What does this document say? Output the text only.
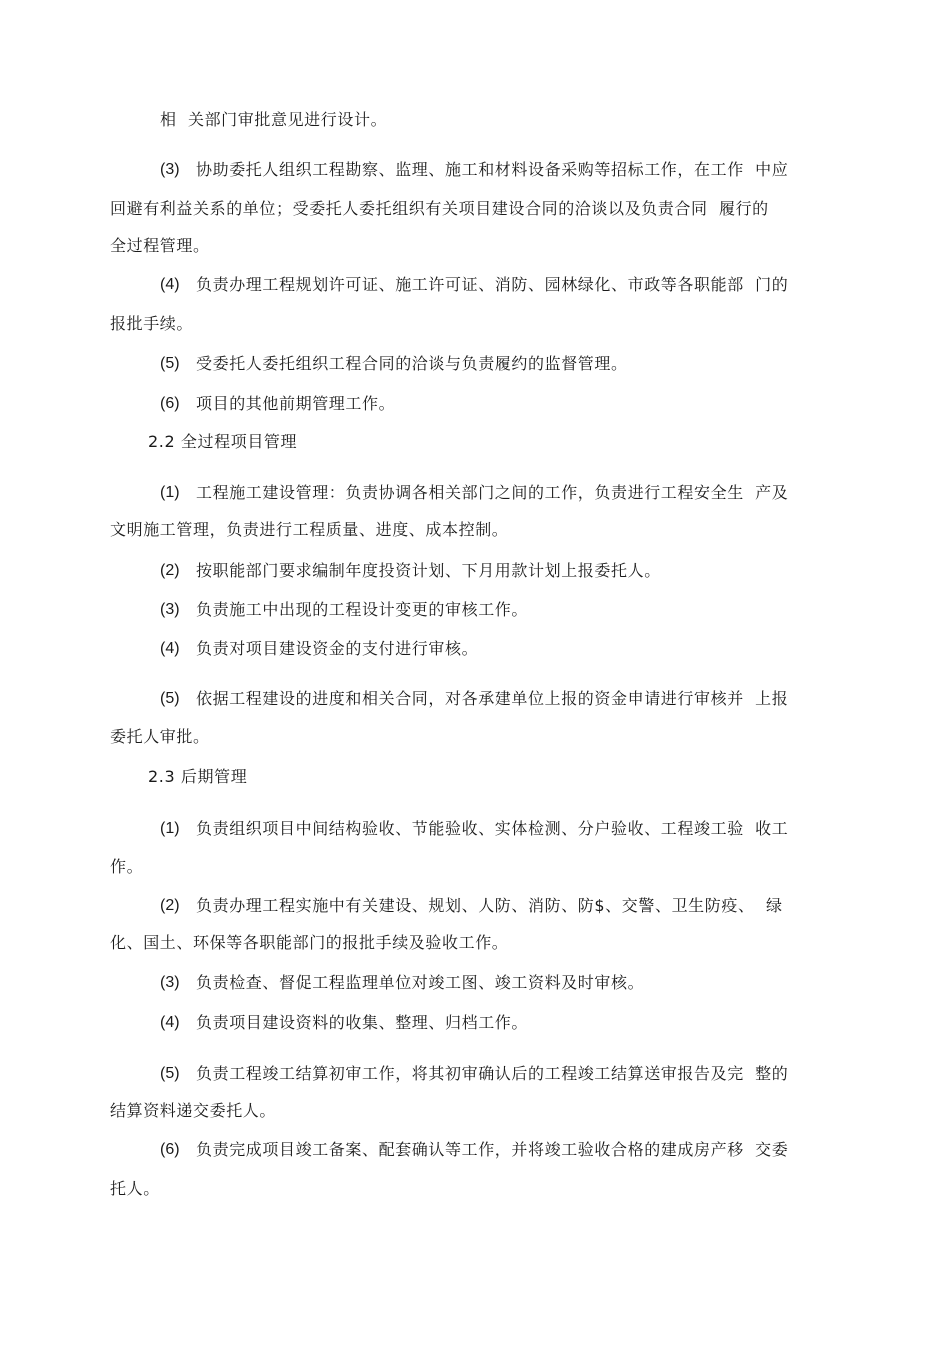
相  关部门审批意见进行设计。
(3) 协助委托人组织工程勘察、监理、施工和材料设备采购等招标工作，在工作  中应
回避有利益关系的单位；受委托人委托组织有关项目建设合同的洽谈以及负责合同  履行的
全过程管理。
(4) 负责办理工程规划许可证、施工许可证、消防、园林绿化、市政等各职能部  门的
报批手续。
(5) 受委托人委托组织工程合同的洽谈与负责履约的监督管理。
(6) 项目的其他前期管理工作。
2.2 全过程项目管理
(1) 工程施工建设管理：负责协调各相关部门之间的工作，负责进行工程安全生  产及
文明施工管理，负责进行工程质量、进度、成本控制。
(2) 按职能部门要求编制年度投资计划、下月用款计划上报委托人。
(3) 负责施工中出现的工程设计变更的审核工作。
(4) 负责对项目建设资金的支付进行审核。
(5) 依据工程建设的进度和相关合同，对各承建单位上报的资金申请进行审核并  上报
委托人审批。
2.3 后期管理
(1) 负责组织项目中间结构验收、节能验收、实体检测、分户验收、工程竣工验  收工
作。
(2) 负责办理工程实施中有关建设、规划、人防、消防、防$、交警、卫生防疫、  绿
化、国土、环保等各职能部门的报批手续及验收工作。
(3) 负责检查、督促工程监理单位对竣工图、竣工资料及时审核。
(4) 负责项目建设资料的收集、整理、归档工作。
(5) 负责工程竣工结算初审工作，将其初审确认后的工程竣工结算送审报告及完  整的
结算资料递交委托人。
(6) 负责完成项目竣工备案、配套确认等工作，并将竣工验收合格的建成房产移  交委
托人。
